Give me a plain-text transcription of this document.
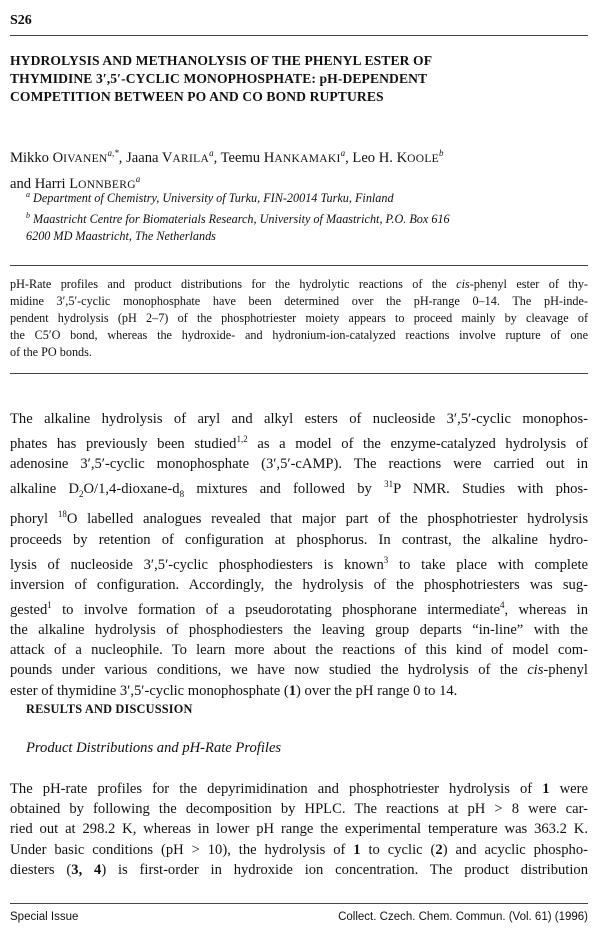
S26
HYDROLYSIS AND METHANOLYSIS OF THE PHENYL ESTER OF
THYMIDINE 3′,5′-CYCLIC MONOPHOSPHATE: pH-DEPENDENT
COMPETITION BETWEEN PO AND CO BOND RUPTURES
Mikko $OIVANEN^{a,*}$, Jaana VARILA$^a$, Teemu HANKAMAKI$^a$, Leo H. KOOLE$^b$
and Harri LONNBERG$^a$
$^a$ Department of Chemistry, University of Turku, FIN-20014 Turku, Finland
$^b$ Maastricht Centre for Biomaterials Research, University of Maastricht, P.O. Box 616
6200 MD Maastricht, The Netherlands
pH-Rate profiles and product distributions for the hydrolytic reactions of the cis-phenyl ester of thy-
midine 3′,5′-cyclic monophosphate have been determined over the pH-range 0–14. The pH-inde-
pendent hydrolysis (pH 2–7) of the phosphotriester moiety appears to proceed mainly by cleavage of
the C5′O bond, whereas the hydroxide- and hydronium-ion-catalyzed reactions involve rupture of one
of the PO bonds.
The alkaline hydrolysis of aryl and alkyl esters of nucleoside 3′,5′-cyclic monophos-
phates has previously been studied$^{1,2}$ as a model of the enzyme-catalyzed hydrolysis of
adenosine 3′,5′-cyclic monophosphate (3′,5′-cAMP). The reactions were carried out in
alkaline $D_2O/1,4-dioxane-d_8$ mixtures and followed by $^{31}$P NMR. Studies with phos-
phoryl $^{18}$O labelled analogues revealed that major part of the phosphotriester hydrolysis
proceeds by retention of configuration at phosphorus. In contrast, the alkaline hydro-
lysis of nucleoside 3′,5′-cyclic phosphodiesters is known$^3$ to take place with complete
inversion of configuration. Accordingly, the hydrolysis of the phosphotriesters was sug-
gested$^1$ to involve formation of a pseudorotating phosphorane intermediate$^4$, whereas in
the alkaline hydrolysis of phosphodiesters the leaving group departs “in-line” with the
attack of a nucleophile. To learn more about the reactions of this kind of model com-
pounds under various conditions, we have now studied the hydrolysis of the cis-phenyl
ester of thymidine 3′,5′-cyclic monophosphate (1) over the pH range 0 to 14.
RESULTS AND DISCUSSION
Product Distributions and pH-Rate Profiles
The pH-rate profiles for the depyrimidination and phosphotriester hydrolysis of 1 were
obtained by following the decomposition by HPLC. The reactions at pH > 8 were car-
ried out at 298.2 K, whereas in lower pH range the experimental temperature was 363.2 K.
Under basic conditions (pH > 10), the hydrolysis of 1 to cyclic (2) and acyclic phospho-
diesters (3, 4) is first-order in hydroxide ion concentration. The product distribution
Special Issue	Collect. Czech. Chem. Commun. (Vol. 61) (1996)
